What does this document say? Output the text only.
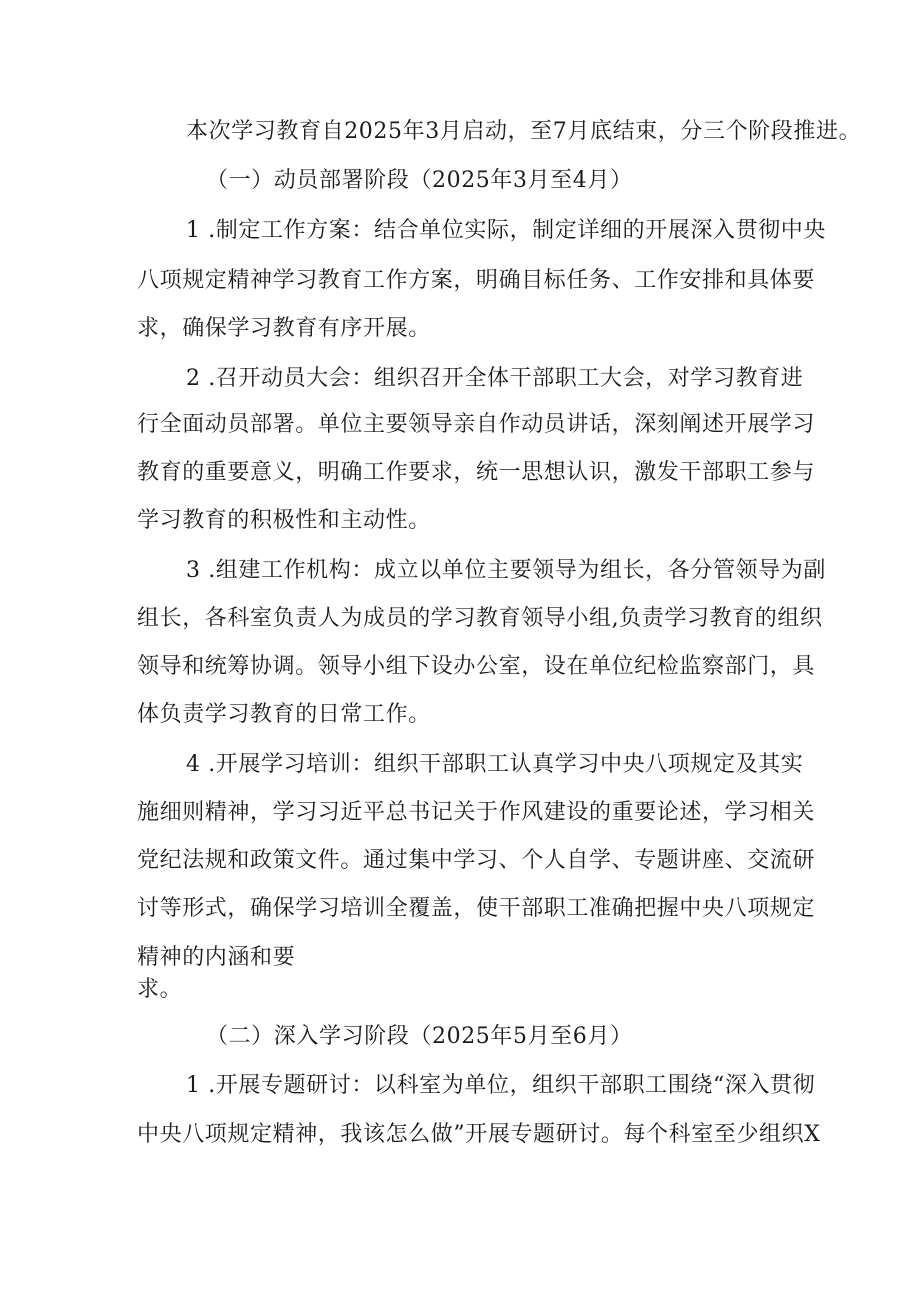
本次学习教育自2025年3月启动，至7月底结束，分三个阶段推进。
（一）动员部署阶段（2025年3月至4月）
1 .制定工作方案：结合单位实际，制定详细的开展深入贯彻中央
八项规定精神学习教育工作方案，明确目标任务、工作安排和具体要
求，确保学习教育有序开展。
2 .召开动员大会：组织召开全体干部职工大会，对学习教育进
行全面动员部署。单位主要领导亲自作动员讲话，深刻阐述开展学习
教育的重要意义，明确工作要求，统一思想认识，激发干部职工参与
学习教育的积极性和主动性。
3 .组建工作机构：成立以单位主要领导为组长，各分管领导为副
组长，各科室负责人为成员的学习教育领导小组,负责学习教育的组织
领导和统筹协调。领导小组下设办公室，设在单位纪检监察部门，具
体负责学习教育的日常工作。
4 .开展学习培训：组织干部职工认真学习中央八项规定及其实
施细则精神，学习习近平总书记关于作风建设的重要论述，学习相关
党纪法规和政策文件。通过集中学习、个人自学、专题讲座、交流研
讨等形式，确保学习培训全覆盖，使干部职工准确把握中央八项规定
精神的内涵和要
求。
（二）深入学习阶段（2025年5月至6月）
1 .开展专题研讨：以科室为单位，组织干部职工围绕“深入贯彻
中央八项规定精神，我该怎么做”开展专题研讨。每个科室至少组织X
